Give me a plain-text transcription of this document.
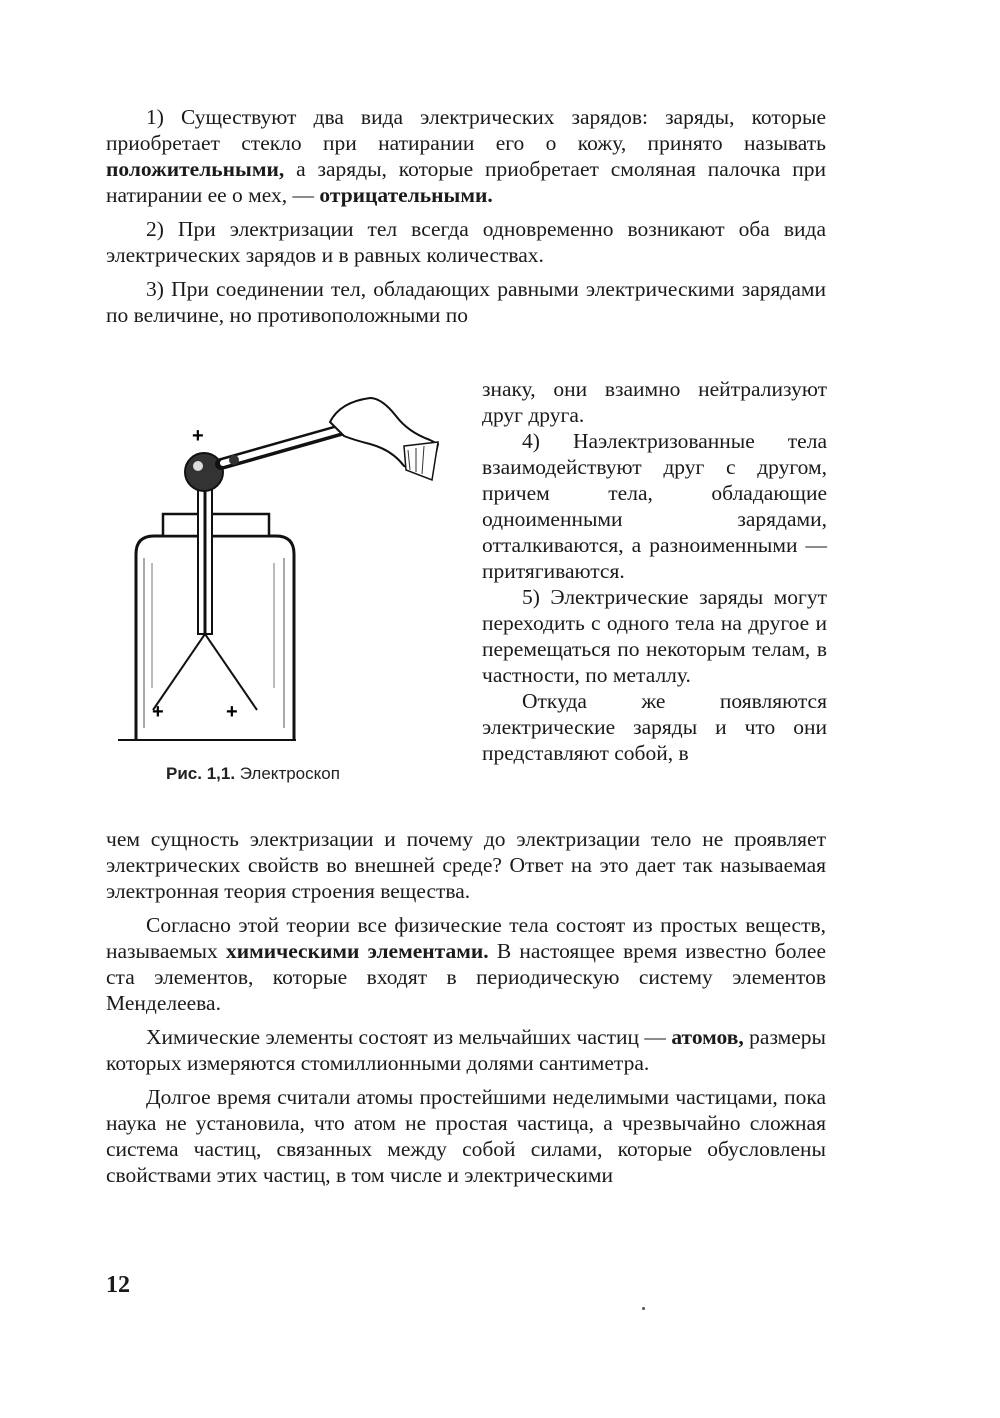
1) Существуют два вида электрических зарядов: заряды, которые приобретает стекло при натирании его о кожу, принято называть положительными, а заряды, которые приобретает смоляная палочка при натирании ее о мех, — отрицательными.

2) При электризации тел всегда одновременно возникают оба вида электрических зарядов и в равных количествах.

3) При соединении тел, обладающих равными электрическими зарядами по величине, но противоположными по

знаку, они взаимно нейтрализуют друг друга.

4) Наэлектризованные тела взаимодействуют друг с другом, причем тела, обладающие одноименными зарядами, отталкиваются, а разноименными — притягиваются.

5) Электрические заряды могут переходить с одного тела на другое и перемещаться по некоторым телам, в частности, по металлу.

Откуда же появляются электрические заряды и что они представляют собой, в

+
+	+
Рис. 1,1. Электроскоп

чем сущность электризации и почему до электризации тело не проявляет электрических свойств во внешней среде? Ответ на это дает так называемая электронная теория строения вещества.

Согласно этой теории все физические тела состоят из простых веществ, называемых химическими элементами. В настоящее время известно более ста элементов, которые входят в периодическую систему элементов Менделеева.

Химические элементы состоят из мельчайших частиц — атомов, размеры которых измеряются стомиллионными долями сантиметра.

Долгое время считали атомы простейшими неделимыми частицами, пока наука не установила, что атом не простая частица, а чрезвычайно сложная система частиц, связанных между собой силами, которые обусловлены свойствами этих частиц, в том числе и электрическими

12
